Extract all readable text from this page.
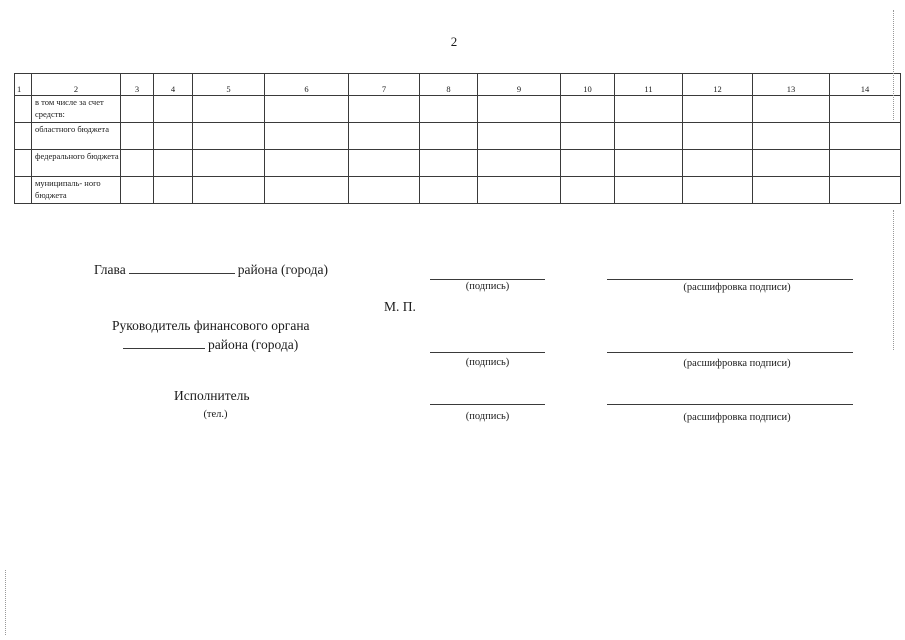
2
1	2	3	4	5	6	7	8	9	10	11	12	13	14
	в том числе за счет средств:												
	областного бюджета												
	федерального бюджета												
	муниципаль- ного бюджета												
Глава	района (города)
(подпись)	(расшифровка подписи)
М. П.
Руководитель финансового органа
района (города)
(подпись)	(расшифровка подписи)
Исполнитель
(тел.)	(подпись)	(расшифровка подписи)
